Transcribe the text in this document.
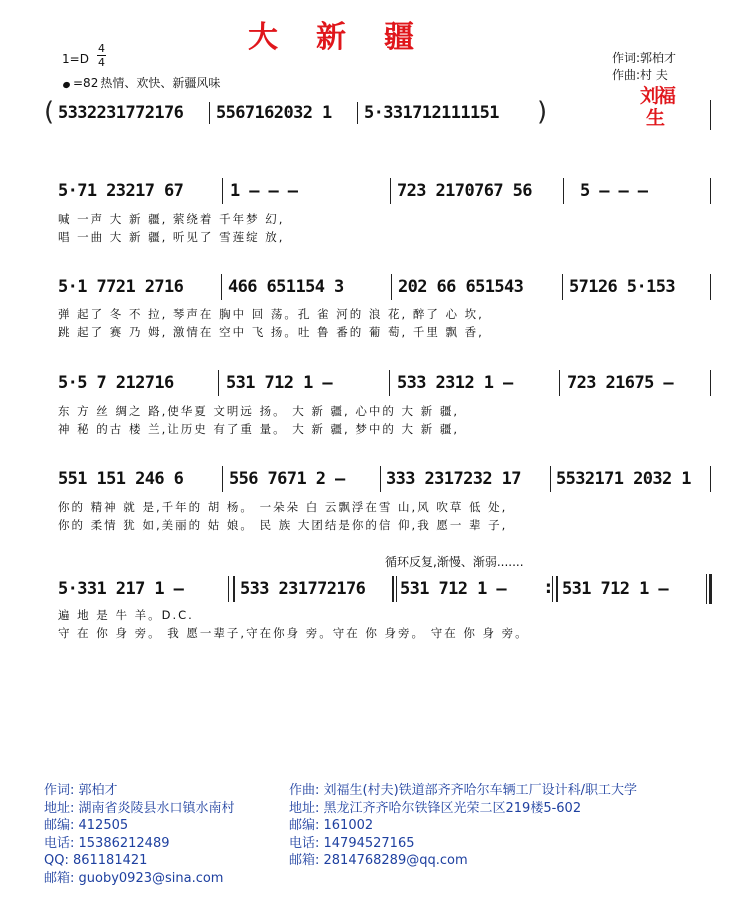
大新疆
1=D
4
4
=82 热情、欢快、新疆风味
作词:郭柏才
作曲:村 夫
刘福
生
(	)
5332231772176 5567162032 1 5·331712111151
5·71 23217 67	1 – – –	723 2170767 56	5 – – –
喊 一声 大 新 疆, 萦绕着 千年梦 幻,
唱 一曲 大 新 疆, 听见了 雪莲绽 放,
5·1 7721 2716	466 651154 3	202 66 651543	57126 5·153
弹 起了 冬 不 拉, 琴声在 胸中 回 荡。孔 雀 河的 浪 花, 醉了 心 坎,
跳 起了 赛 乃 姆, 激情在 空中 飞 扬。吐 鲁 番的 葡 萄, 千里 飘 香,
5·5 7 212716	531 712 1 –	533 2312 1 –	723 21675 –
东 方 丝 绸之 路,使华夏 文明远 扬。 大 新 疆, 心中的 大 新 疆,
神 秘 的古 楼 兰,让历史 有了重 量。 大 新 疆, 梦中的 大 新 疆,
551 151 246 6	556 7671 2 – 333 2317232 17 5532171 2032 1
你的 精神 就 是,千年的 胡 杨。 一朵朵 白 云飘浮在雪 山,风 吹草 低 处,
你的 柔情 犹 如,美丽的 姑 娘。 民 族 大团结是你的信 仰,我 愿一 辈 子,
循环反复,渐慢、渐弱.......
5·331 217 1 –	533 231772176 531 712 1 – : 531 712 1 –
遍 地 是 牛 羊。D.C.
守 在 你 身 旁。 我 愿一辈子,守在你身 旁。守在 你 身旁。 守在 你 身 旁。
作词: 郭柏才
地址: 湖南省炎陵县水口镇水南村
邮编: 412505
电话: 15386212489
QQ: 861181421
邮箱: guoby0923@sina.com
作曲: 刘福生(村夫)铁道部齐齐哈尔车辆工厂设计科/职工大学
地址: 黑龙江齐齐哈尔铁锋区光荣二区219楼5-602
邮编: 161002
电话: 14794527165
邮箱: 2814768289@qq.com
